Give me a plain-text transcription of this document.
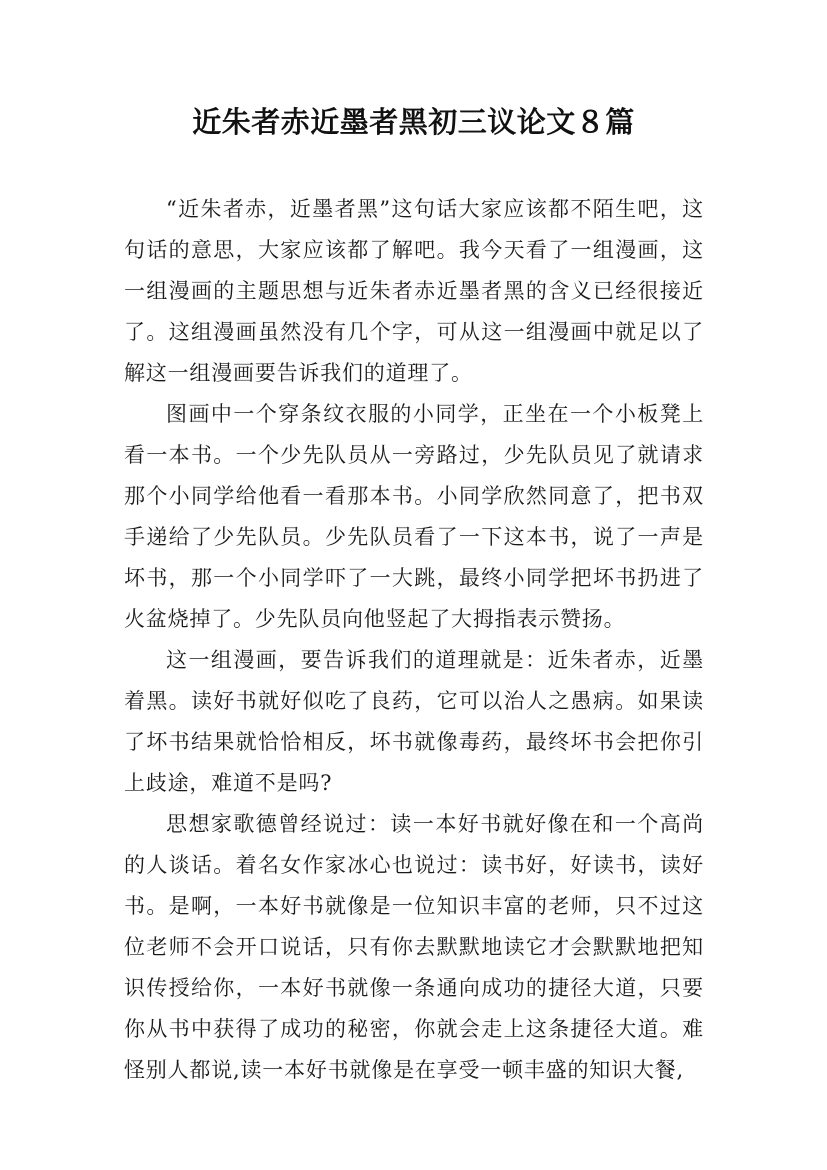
近朱者赤近墨者黑初三议论文８篇

“近朱者赤，近墨者黑”这句话大家应该都不陌生吧，这句话的意思，大家应该都了解吧。我今天看了一组漫画，这一组漫画的主题思想与近朱者赤近墨者黑的含义已经很接近了。这组漫画虽然没有几个字，可从这一组漫画中就足以了解这一组漫画要告诉我们的道理了。

图画中一个穿条纹衣服的小同学，正坐在一个小板凳上看一本书。一个少先队员从一旁路过，少先队员见了就请求那个小同学给他看一看那本书。小同学欣然同意了，把书双手递给了少先队员。少先队员看了一下这本书，说了一声是坏书，那一个小同学吓了一大跳，最终小同学把坏书扔进了火盆烧掉了。少先队员向他竖起了大拇指表示赞扬。

这一组漫画，要告诉我们的道理就是：近朱者赤，近墨着黑。读好书就好似吃了良药，它可以治人之愚病。如果读了坏书结果就恰恰相反，坏书就像毒药，最终坏书会把你引上歧途，难道不是吗?

思想家歌德曾经说过：读一本好书就好像在和一个高尚的人谈话。着名女作家冰心也说过：读书好，好读书，读好书。是啊，一本好书就像是一位知识丰富的老师，只不过这位老师不会开口说话，只有你去默默地读它才会默默地把知识传授给你，一本好书就像一条通向成功的捷径大道，只要你从书中获得了成功的秘密，你就会走上这条捷径大道。难怪别人都说,读一本好书就像是在享受一顿丰盛的知识大餐,
